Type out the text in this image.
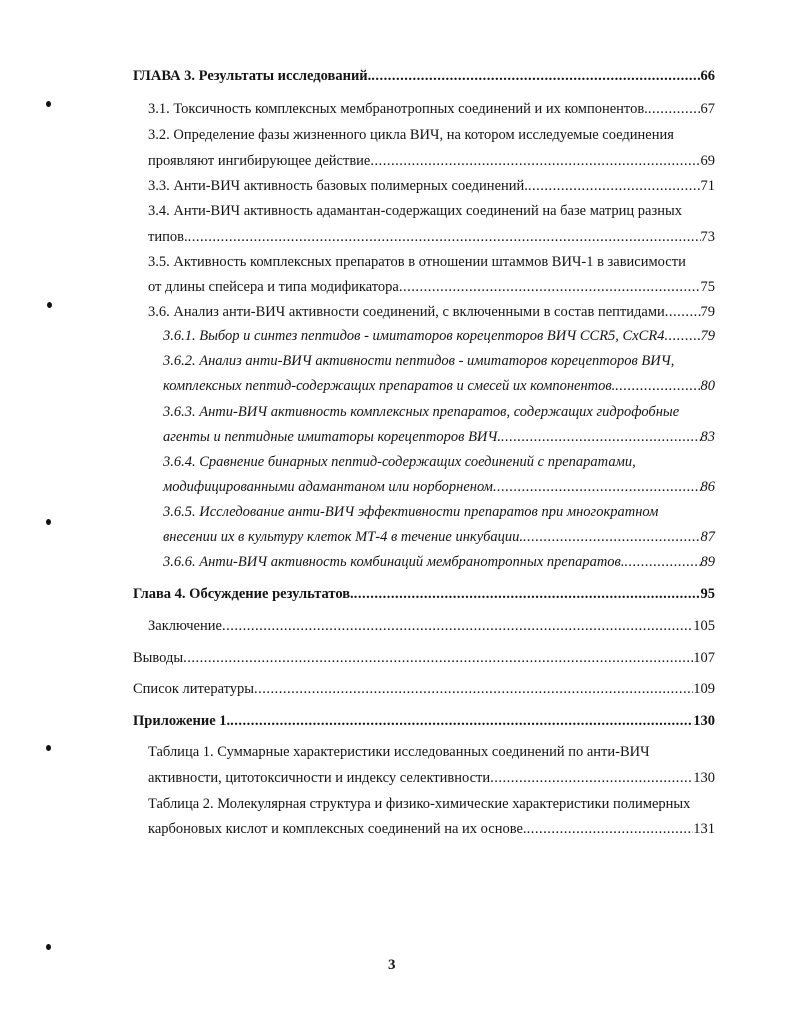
ГЛАВА 3. Результаты исследований. .....	66
3.1. Токсичность комплексных мембранотропных соединений и их компонентов. .....	67
3.2. Определение фазы жизненного цикла ВИЧ, на котором исследуемые соединения
проявляют ингибирующее действие .....	69
3.3. Анти-ВИЧ активность базовых полимерных соединений. .....	71
3.4. Анти-ВИЧ активность адамантан-содержащих соединений на базе матриц разных
типов. .....	73
3.5. Активность комплексных препаратов в отношении штаммов ВИЧ-1 в зависимости
от длины спейсера и типа модификатора .....	75
3.6. Анализ анти-ВИЧ активности соединений, с включенными в состав пептидами ..... 79
3.6.1. Выбор и синтез пептидов - имитаторов корецепторов ВИЧ CCR5, CxCR4 ..... 79
3.6.2. Анализ анти-ВИЧ активности пептидов - имитаторов корецепторов ВИЧ,
комплексных пептид-содержащих препаратов и смесей их компонентов. .....	80
3.6.3. Анти-ВИЧ активность комплексных препаратов, содержащих гидрофобные
агенты и пептидные имитаторы корецепторов ВИЧ. .....	83
3.6.4. Сравнение бинарных пептид-содержащих соединений с препаратами,
модифицированными адамантаном или норборненом .....	86
3.6.5. Исследование анти-ВИЧ эффективности препаратов при многократном
внесении их в культуру клеток МТ-4 в течение инкубации. .....	87
3.6.6. Анти-ВИЧ активность комбинаций мембранотропных препаратов. .....	89
Глава 4. Обсуждение результатов. .....	95
Заключение .....	105
Выводы .....	107
Список литературы .....	109
Приложение 1. .....	130
Таблица 1. Суммарные характеристики исследованных соединений по анти-ВИЧ
активности, цитотоксичности и индексу селективности .....	130
Таблица 2. Молекулярная структура и физико-химические характеристики полимерных
карбоновых кислот и комплексных соединений на их основе. .....	131
3
